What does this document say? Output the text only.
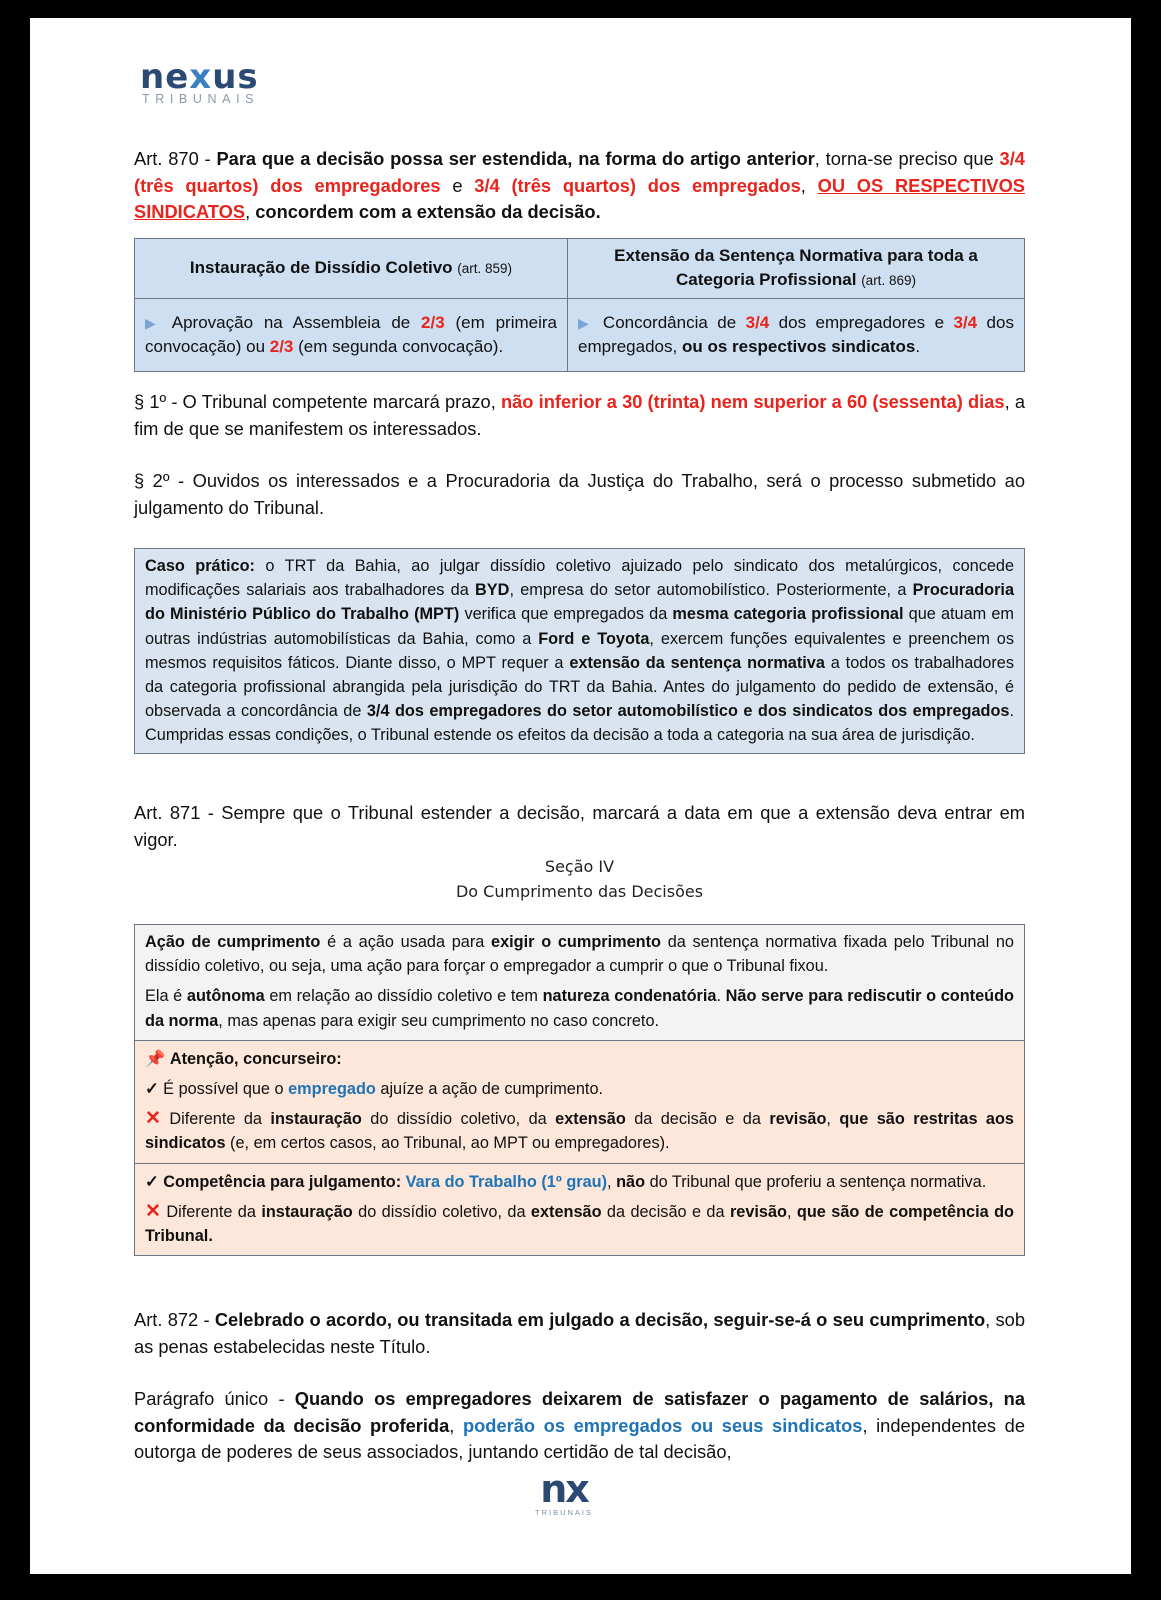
nexus
TRIBUNAIS

Art. 870 - Para que a decisão possa ser estendida, na forma do artigo anterior, torna-se preciso que 3/4 (três quartos) dos empregadores e 3/4 (três quartos) dos empregados, OU OS RESPECTIVOS SINDICATOS, concordem com a extensão da decisão.

Instauração de Dissídio Coletivo (art. 859)	Extensão da Sentença Normativa para toda a Categoria Profissional (art. 869)
▶ Aprovação na Assembleia de 2/3 (em primeira convocação) ou 2/3 (em segunda convocação).	▶ Concordância de 3/4 dos empregadores e 3/4 dos empregados, ou os respectivos sindicatos.

§ 1º - O Tribunal competente marcará prazo, não inferior a 30 (trinta) nem superior a 60 (sessenta) dias, a fim de que se manifestem os interessados.

§ 2º - Ouvidos os interessados e a Procuradoria da Justiça do Trabalho, será o processo submetido ao julgamento do Tribunal.

Caso prático: o TRT da Bahia, ao julgar dissídio coletivo ajuizado pelo sindicato dos metalúrgicos, concede modificações salariais aos trabalhadores da BYD, empresa do setor automobilístico. Posteriormente, a Procuradoria do Ministério Público do Trabalho (MPT) verifica que empregados da mesma categoria profissional que atuam em outras indústrias automobilísticas da Bahia, como a Ford e Toyota, exercem funções equivalentes e preenchem os mesmos requisitos fáticos. Diante disso, o MPT requer a extensão da sentença normativa a todos os trabalhadores da categoria profissional abrangida pela jurisdição do TRT da Bahia. Antes do julgamento do pedido de extensão, é observada a concordância de 3/4 dos empregadores do setor automobilístico e dos sindicatos dos empregados. Cumpridas essas condições, o Tribunal estende os efeitos da decisão a toda a categoria na sua área de jurisdição.

Art. 871 - Sempre que o Tribunal estender a decisão, marcará a data em que a extensão deva entrar em vigor.

Seção IV
Do Cumprimento das Decisões
Ação de cumprimento é a ação usada para exigir o cumprimento da sentença normativa fixada pelo Tribunal no dissídio coletivo, ou seja, uma ação para forçar o empregador a cumprir o que o Tribunal fixou.
Ela é autônoma em relação ao dissídio coletivo e tem natureza condenatória. Não serve para rediscutir o conteúdo da norma, mas apenas para exigir seu cumprimento no caso concreto.
📌 Atenção, concurseiro:
✓ É possível que o empregado ajuíze a ação de cumprimento.
✕ Diferente da instauração do dissídio coletivo, da extensão da decisão e da revisão, que são restritas aos sindicatos (e, em certos casos, ao Tribunal, ao MPT ou empregadores).
✓ Competência para julgamento: Vara do Trabalho (1º grau), não do Tribunal que proferiu a sentença normativa.
✕ Diferente da instauração do dissídio coletivo, da extensão da decisão e da revisão, que são de competência do Tribunal.

Art. 872 - Celebrado o acordo, ou transitada em julgado a decisão, seguir-se-á o seu cumprimento, sob as penas estabelecidas neste Título.

Parágrafo único - Quando os empregadores deixarem de satisfazer o pagamento de salários, na conformidade da decisão proferida, poderão os empregados ou seus sindicatos, independentes de outorga de poderes de seus associados, juntando certidão de tal decisão,

nx
TRIBUNAIS
